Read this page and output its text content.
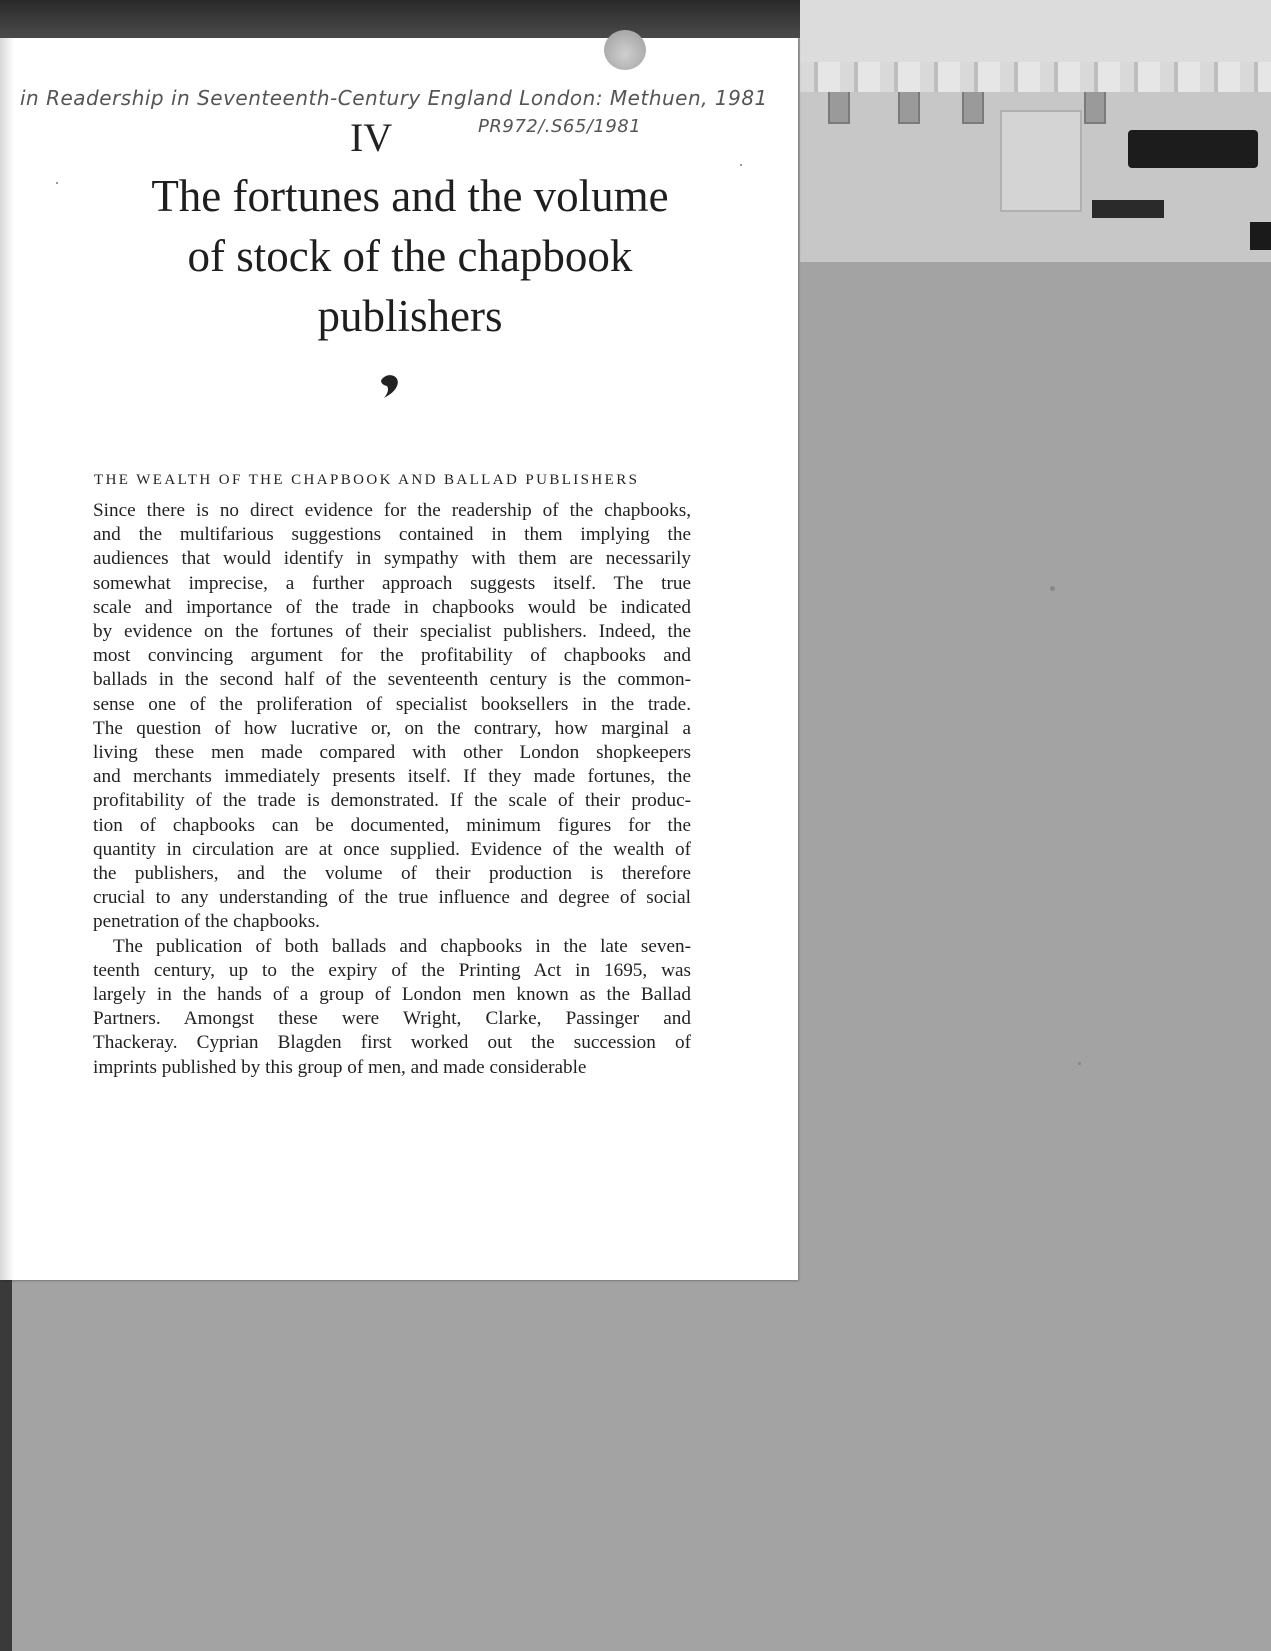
in Readership in Seventeenth-Century England London: Methuen, 1981
PR972/.S65/1981
IV
The fortunes and the volume
of stock of the chapbook
publishers
THE WEALTH OF THE CHAPBOOK AND BALLAD PUBLISHERS

Since there is no direct evidence for the readership of the chapbooks,
and the multifarious suggestions contained in them implying the
audiences that would identify in sympathy with them are necessarily
somewhat imprecise, a further approach suggests itself. The true
scale and importance of the trade in chapbooks would be indicated
by evidence on the fortunes of their specialist publishers. Indeed, the
most convincing argument for the profitability of chapbooks and
ballads in the second half of the seventeenth century is the common-
sense one of the proliferation of specialist booksellers in the trade.
The question of how lucrative or, on the contrary, how marginal a
living these men made compared with other London shopkeepers
and merchants immediately presents itself. If they made fortunes, the
profitability of the trade is demonstrated. If the scale of their produc-
tion of chapbooks can be documented, minimum figures for the
quantity in circulation are at once supplied. Evidence of the wealth of
the publishers, and the volume of their production is therefore
crucial to any understanding of the true influence and degree of social
penetration of the chapbooks.

The publication of both ballads and chapbooks in the late seven-
teenth century, up to the expiry of the Printing Act in 1695, was
largely in the hands of a group of London men known as the Ballad
Partners. Amongst these were Wright, Clarke, Passinger and
Thackeray. Cyprian Blagden first worked out the succession of
imprints published by this group of men, and made considerable
